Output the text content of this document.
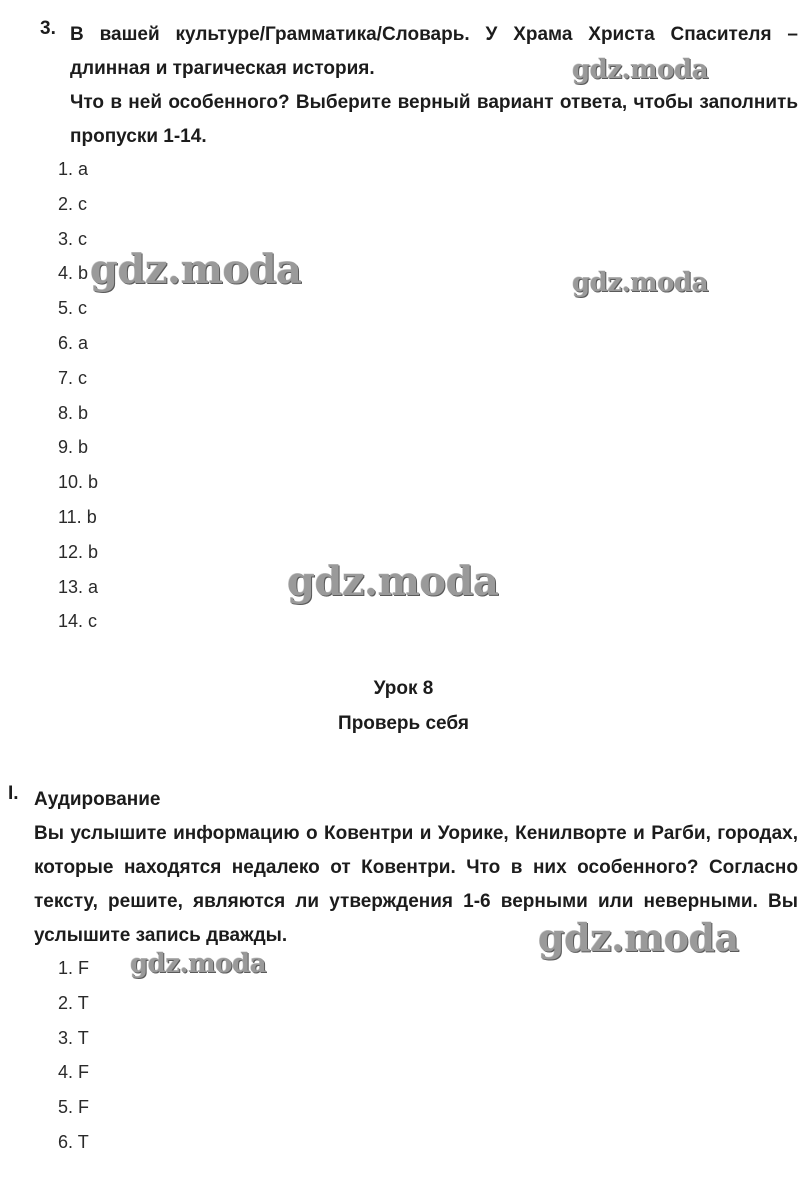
3. В вашей культуре/Грамматика/Словарь. У Храма Христа Спасителя – длинная и трагическая история.

Что в ней особенного? Выберите верный вариант ответа, чтобы заполнить пропуски 1-14.

1. a
2. c
3. c
4. b
5. c
6. a
7. c
8. b
9. b
10. b
11. b
12. b
13. a
14. c
Урок 8
Проверь себя
I. Аудирование

Вы услышите информацию о Ковентри и Уорике, Кенилворте и Рагби, городах, которые находятся недалеко от Ковентри. Что в них особенного? Согласно тексту, решите, являются ли утверждения 1-6 верными или неверными. Вы услышите запись дважды.

1. F
2. T
3. T
4. F
5. F
6. T
gdz.moda
gdz.moda	gdz.moda
gdz.moda
gdz.moda
gdz.moda
